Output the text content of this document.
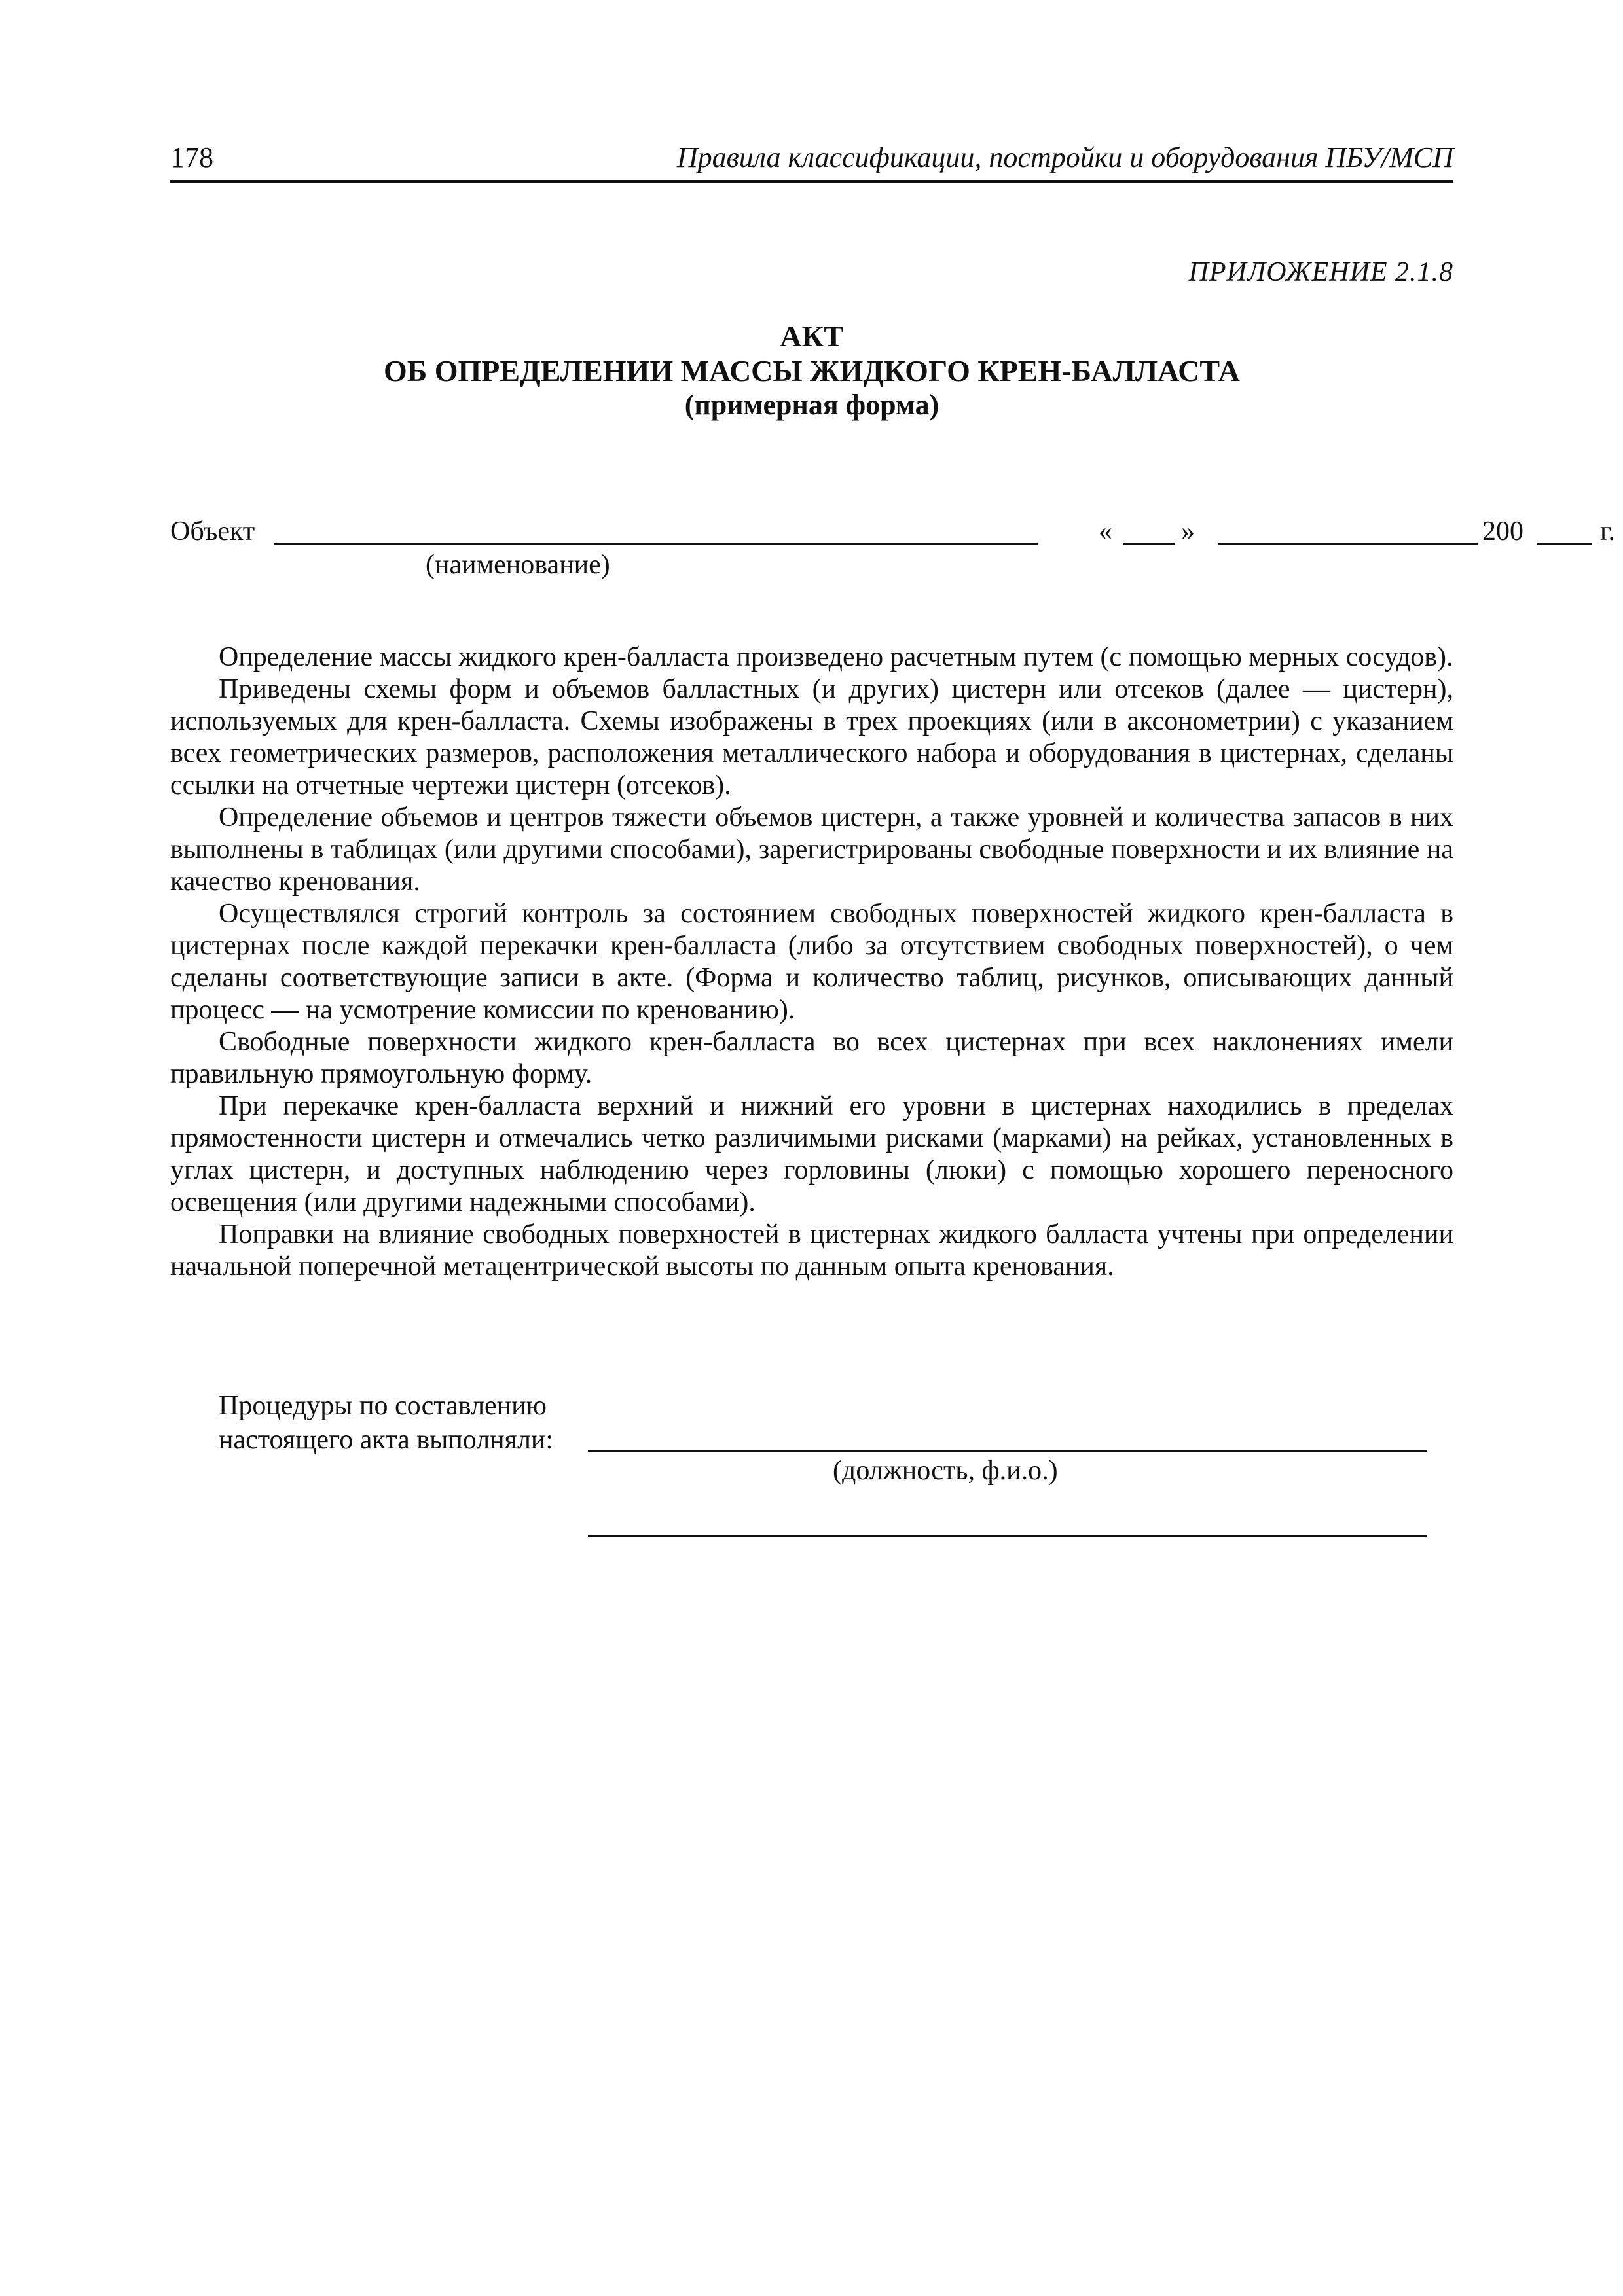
178	Правила классификации, постройки и оборудования ПБУ/МСП
ПРИЛОЖЕНИЕ 2.1.8
АКТ
ОБ ОПРЕДЕЛЕНИИ МАССЫ ЖИДКОГО КРЕН-БАЛЛАСТА
(примерная форма)
Объект	«	»	200	г.
(наименование)

Определение массы жидкого крен-балласта произведено расчетным путем (с помощью мерных сосудов).

Приведены схемы форм и объемов балластных (и других) цистерн или отсеков (далее — цистерн), используемых для крен-балласта. Схемы изображены в трех проекциях (или в аксонометрии) с указанием всех геометрических размеров, расположения металлического набора и оборудования в цистернах, сделаны ссылки на отчетные чертежи цистерн (отсеков).

Определение объемов и центров тяжести объемов цистерн, а также уровней и количества запасов в них выполнены в таблицах (или другими способами), зарегистрированы свободные поверхности и их влияние на качество кренования.

Осуществлялся строгий контроль за состоянием свободных поверхностей жидкого крен-балласта в цистернах после каждой перекачки крен-балласта (либо за отсутствием свободных поверхностей), о чем сделаны соответствующие записи в акте. (Форма и количество таблиц, рисунков, описывающих данный процесс — на усмотрение комиссии по кренованию).

Свободные поверхности жидкого крен-балласта во всех цистернах при всех наклонениях имели правильную прямоугольную форму.

При перекачке крен-балласта верхний и нижний его уровни в цистернах находились в пределах прямостенности цистерн и отмечались четко различимыми рисками (марками) на рейках, установленных в углах цистерн, и доступных наблюдению через горловины (люки) с помощью хорошего переносного освещения (или другими надежными способами).

Поправки на влияние свободных поверхностей в цистернах жидкого балласта учтены при определении начальной поперечной метацентрической высоты по данным опыта кренования.

Процедуры по составлению
настоящего акта выполняли:
(должность, ф.и.о.)
